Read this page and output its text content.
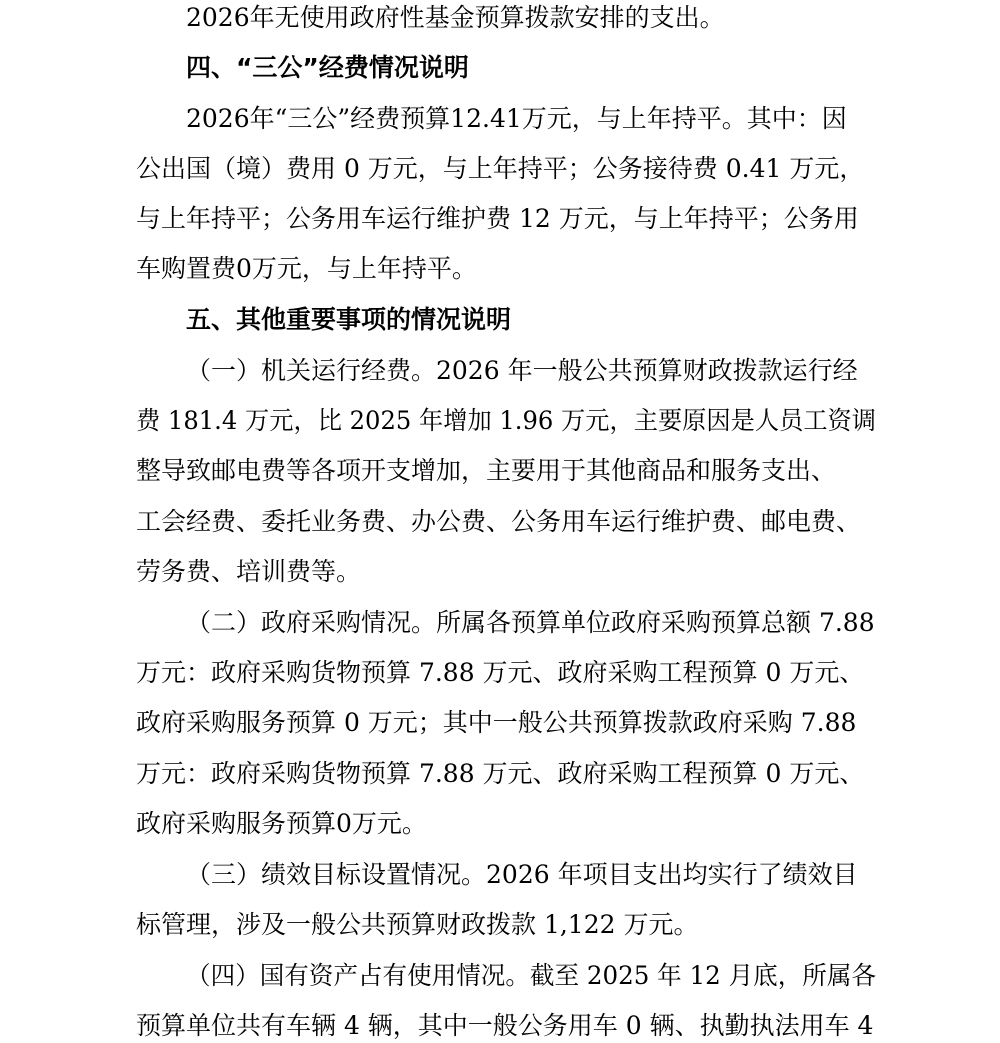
2026年无使用政府性基金预算拨款安排的支出。
四、“三公”经费情况说明
2026年“三公”经费预算12.41万元，与上年持平。其中：因
公出国（境）费用 0 万元，与上年持平；公务接待费 0.41 万元，
与上年持平；公务用车运行维护费 12 万元，与上年持平；公务用
车购置费0万元，与上年持平。
五、其他重要事项的情况说明
（一）机关运行经费。2026 年一般公共预算财政拨款运行经
费 181.4 万元，比 2025 年增加 1.96 万元，主要原因是人员工资调
整导致邮电费等各项开支增加，主要用于其他商品和服务支出、
工会经费、委托业务费、办公费、公务用车运行维护费、邮电费、
劳务费、培训费等。
（二）政府采购情况。所属各预算单位政府采购预算总额 7.88
万元：政府采购货物预算 7.88 万元、政府采购工程预算 0 万元、
政府采购服务预算 0 万元；其中一般公共预算拨款政府采购 7.88
万元：政府采购货物预算 7.88 万元、政府采购工程预算 0 万元、
政府采购服务预算0万元。
（三）绩效目标设置情况。2026 年项目支出均实行了绩效目
标管理，涉及一般公共预算财政拨款 1,122 万元。
（四）国有资产占有使用情况。截至 2025 年 12 月底，所属各
预算单位共有车辆 4 辆，其中一般公务用车 0 辆、执勤执法用车 4
